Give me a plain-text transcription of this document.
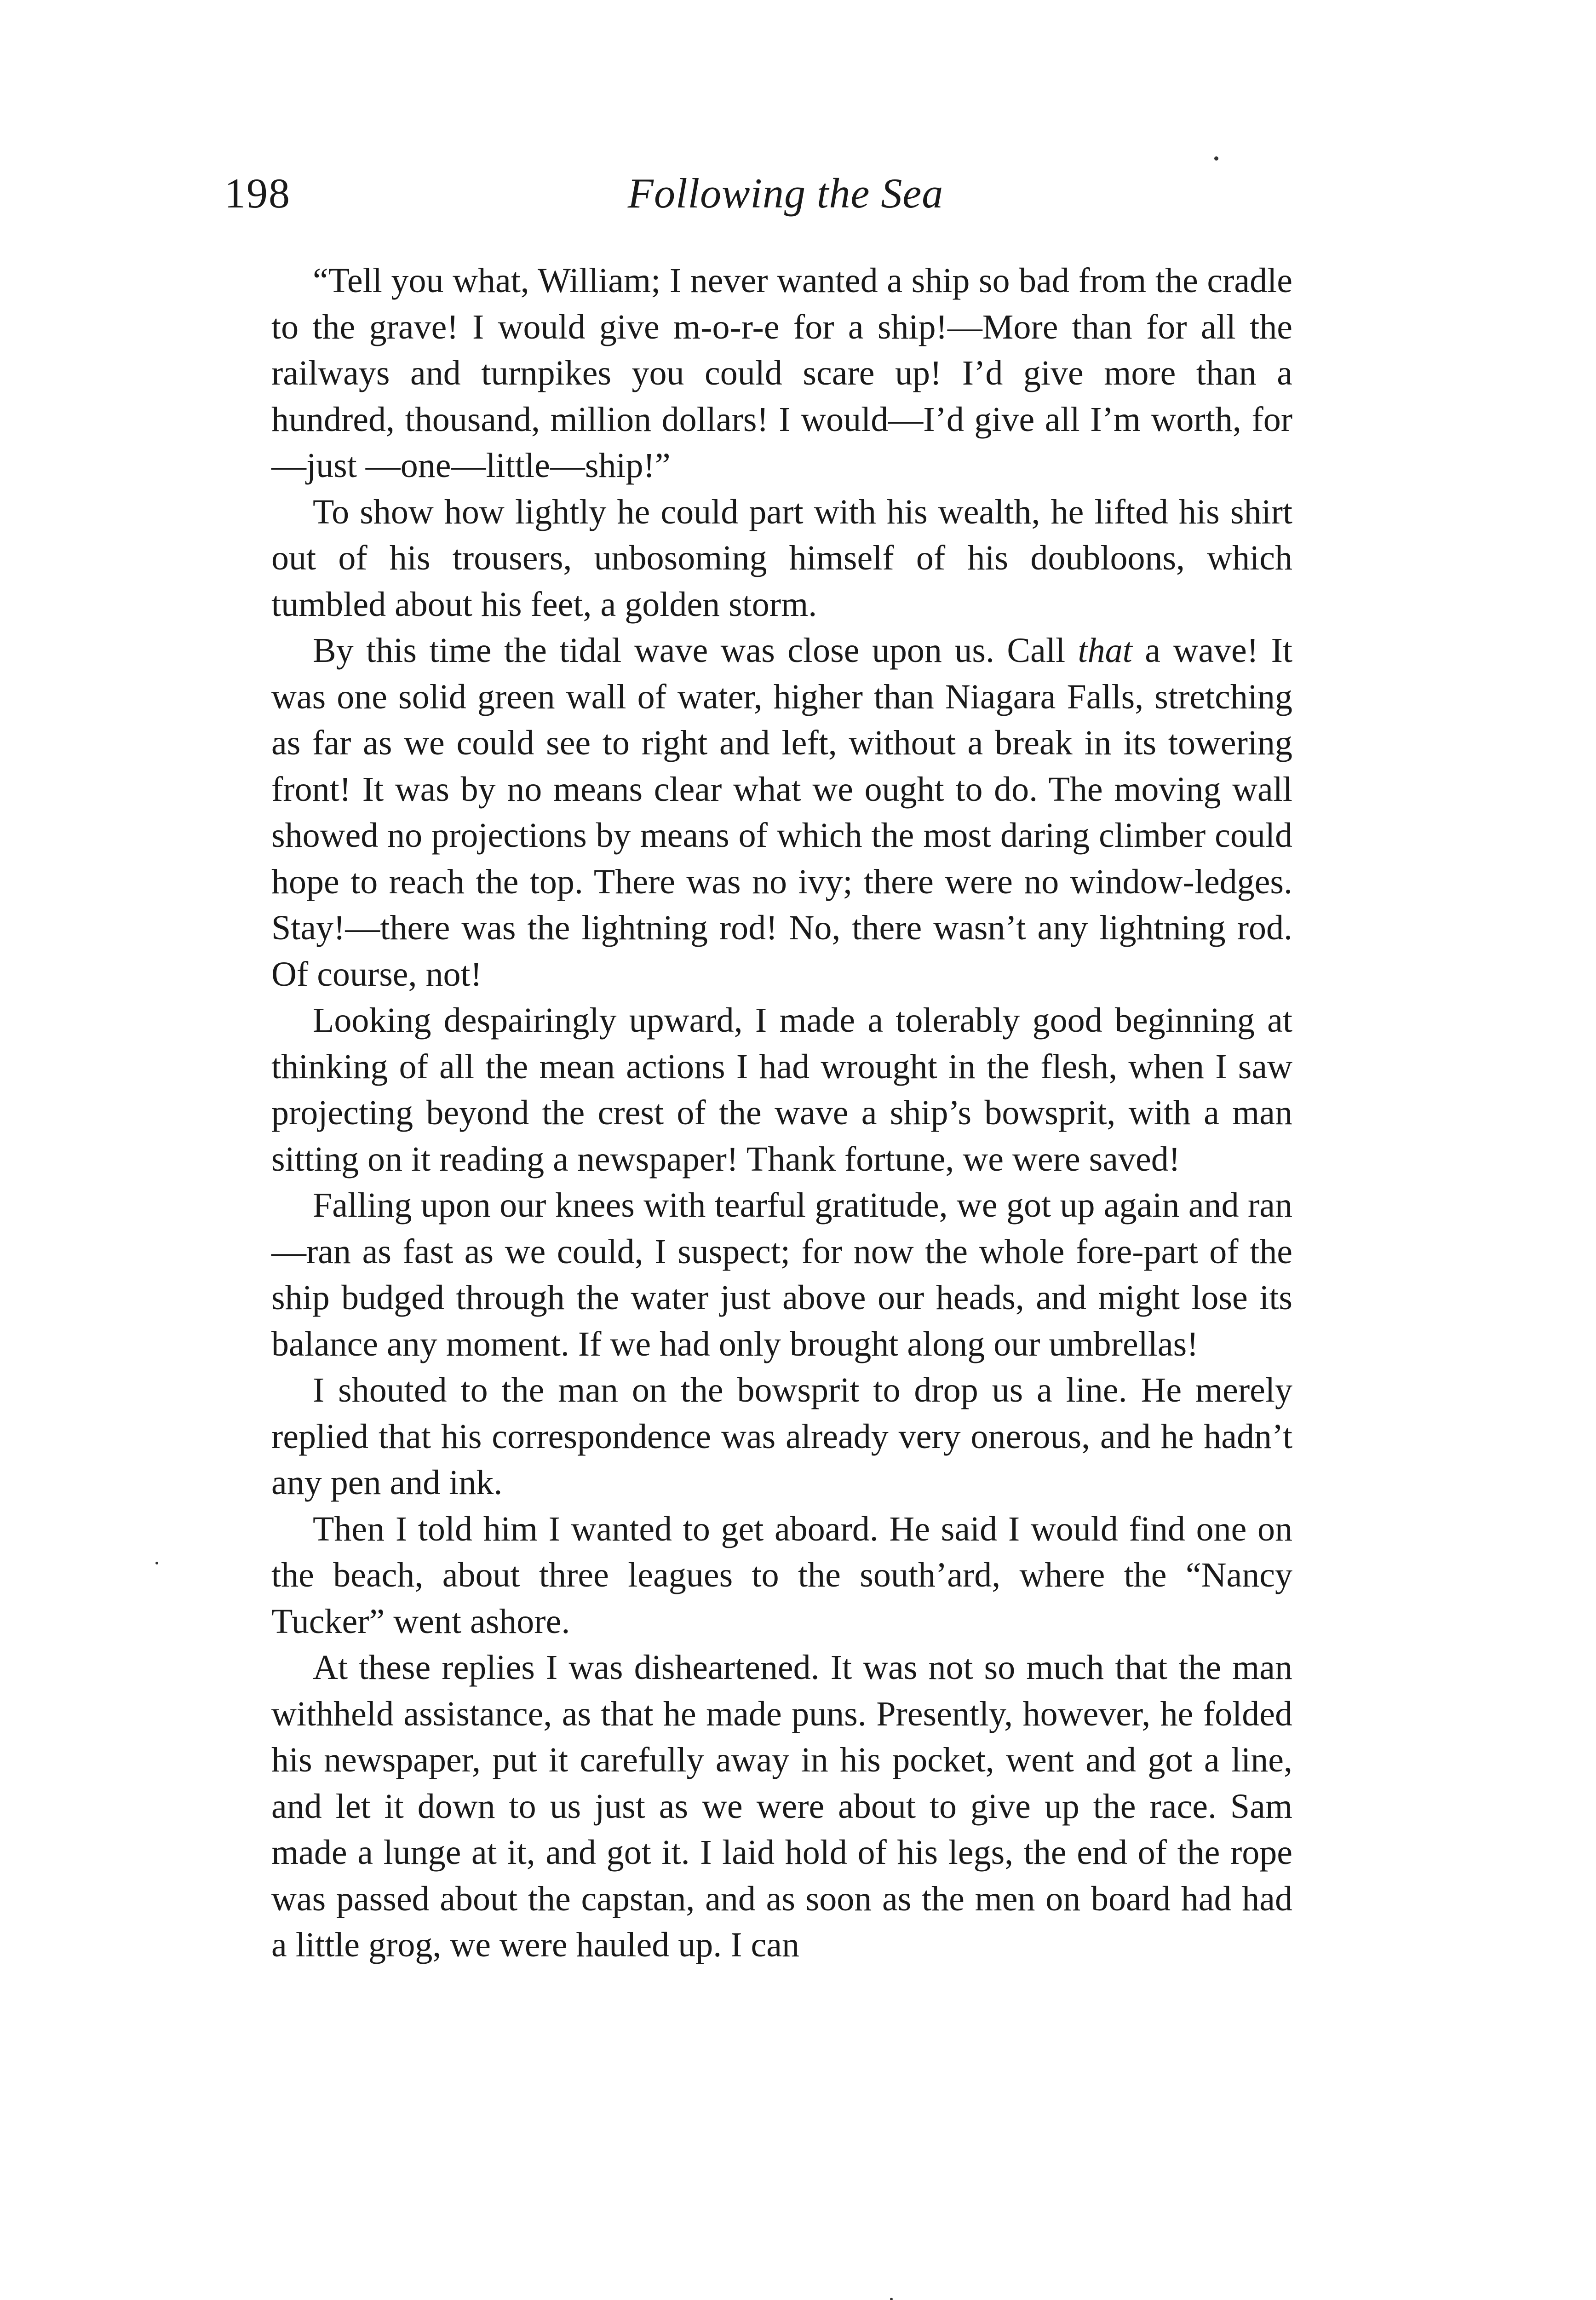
198	Following the Sea

“Tell you what, William; I never wanted a ship so bad from the cradle to the grave! I would give m-o-r-e for a ship!—More than for all the railways and turnpikes you could scare up! I’d give more than a hundred, thousand, million dollars! I would—I’d give all I’m worth, for—just —one—little—ship!”

To show how lightly he could part with his wealth, he lifted his shirt out of his trousers, unbosoming himself of his doubloons, which tumbled about his feet, a golden storm.

By this time the tidal wave was close upon us. Call that a wave! It was one solid green wall of water, higher than Niagara Falls, stretching as far as we could see to right and left, without a break in its towering front! It was by no means clear what we ought to do. The moving wall showed no projections by means of which the most daring climber could hope to reach the top. There was no ivy; there were no window-ledges. Stay!—there was the lightning rod! No, there wasn’t any lightning rod. Of course, not!

Looking despairingly upward, I made a tolerably good beginning at thinking of all the mean actions I had wrought in the flesh, when I saw projecting beyond the crest of the wave a ship’s bowsprit, with a man sitting on it reading a newspaper! Thank fortune, we were saved!

Falling upon our knees with tearful gratitude, we got up again and ran—ran as fast as we could, I suspect; for now the whole fore-part of the ship budged through the water just above our heads, and might lose its balance any moment. If we had only brought along our umbrellas!

I shouted to the man on the bowsprit to drop us a line. He merely replied that his correspondence was already very onerous, and he hadn’t any pen and ink.

Then I told him I wanted to get aboard. He said I would find one on the beach, about three leagues to the south’ard, where the “Nancy Tucker” went ashore.

At these replies I was disheartened. It was not so much that the man withheld assistance, as that he made puns. Presently, however, he folded his newspaper, put it carefully away in his pocket, went and got a line, and let it down to us just as we were about to give up the race. Sam made a lunge at it, and got it. I laid hold of his legs, the end of the rope was passed about the capstan, and as soon as the men on board had had a little grog, we were hauled up. I can
